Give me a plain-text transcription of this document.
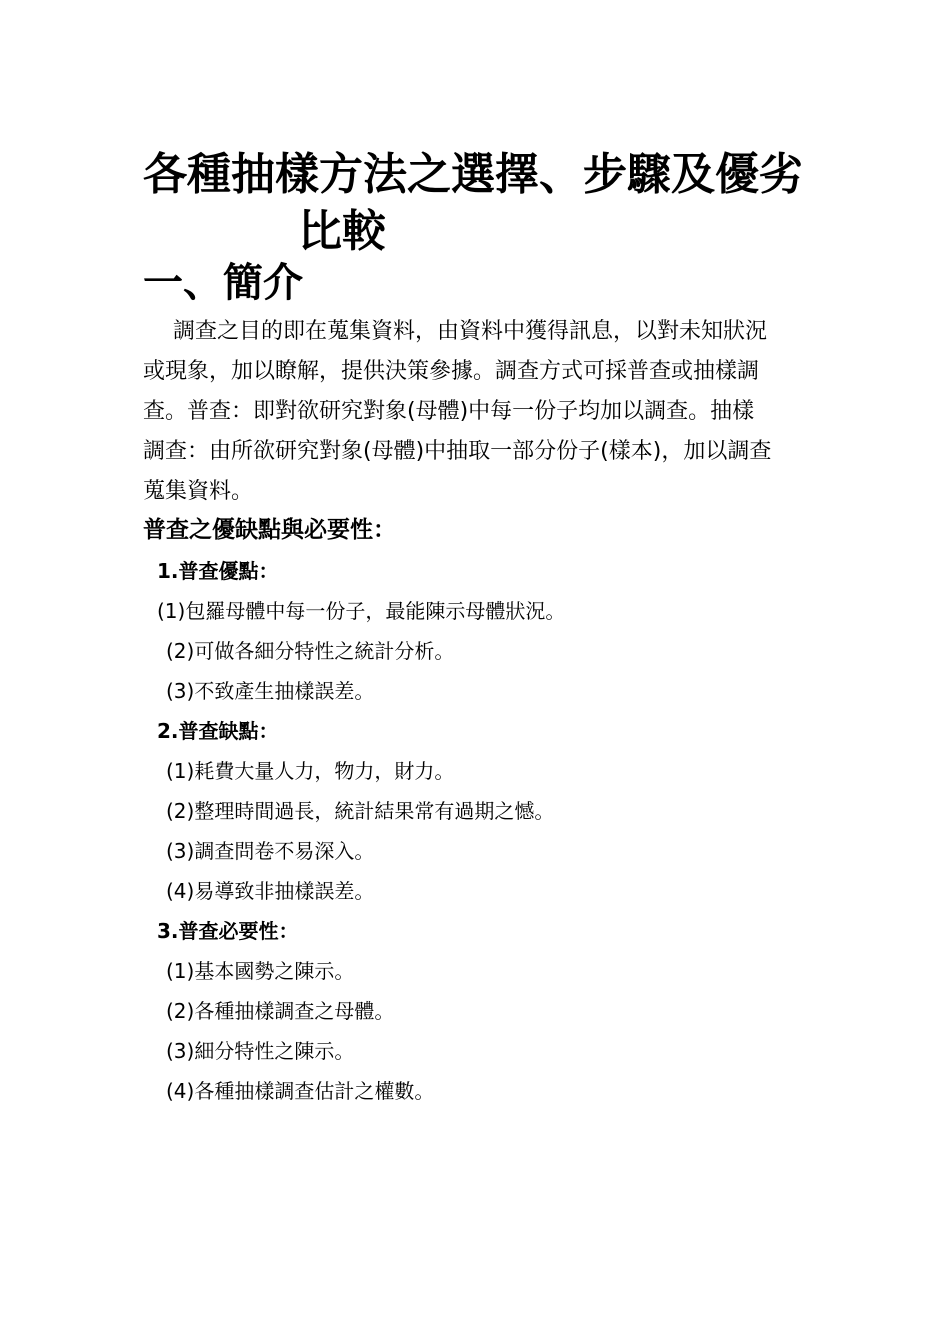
各種抽樣方法之選擇、步驟及優劣
比較
一、簡介
調查之目的即在蒐集資料，由資料中獲得訊息，以對未知狀況
或現象，加以瞭解，提供決策參據。調查方式可採普查或抽樣調
查。普查：即對欲研究對象(母體)中每一份子均加以調查。抽樣
調查：由所欲研究對象(母體)中抽取一部分份子(樣本)，加以調查
蒐集資料。
普查之優缺點與必要性：
1.普查優點：
(1)包羅母體中每一份子，最能陳示母體狀況。
(2)可做各細分特性之統計分析。
(3)不致產生抽樣誤差。
2.普查缺點：
(1)耗費大量人力，物力，財力。
(2)整理時間過長，統計結果常有過期之憾。
(3)調查問卷不易深入。
(4)易導致非抽樣誤差。
3.普查必要性：
(1)基本國勢之陳示。
(2)各種抽樣調查之母體。
(3)細分特性之陳示。
(4)各種抽樣調查估計之權數。
